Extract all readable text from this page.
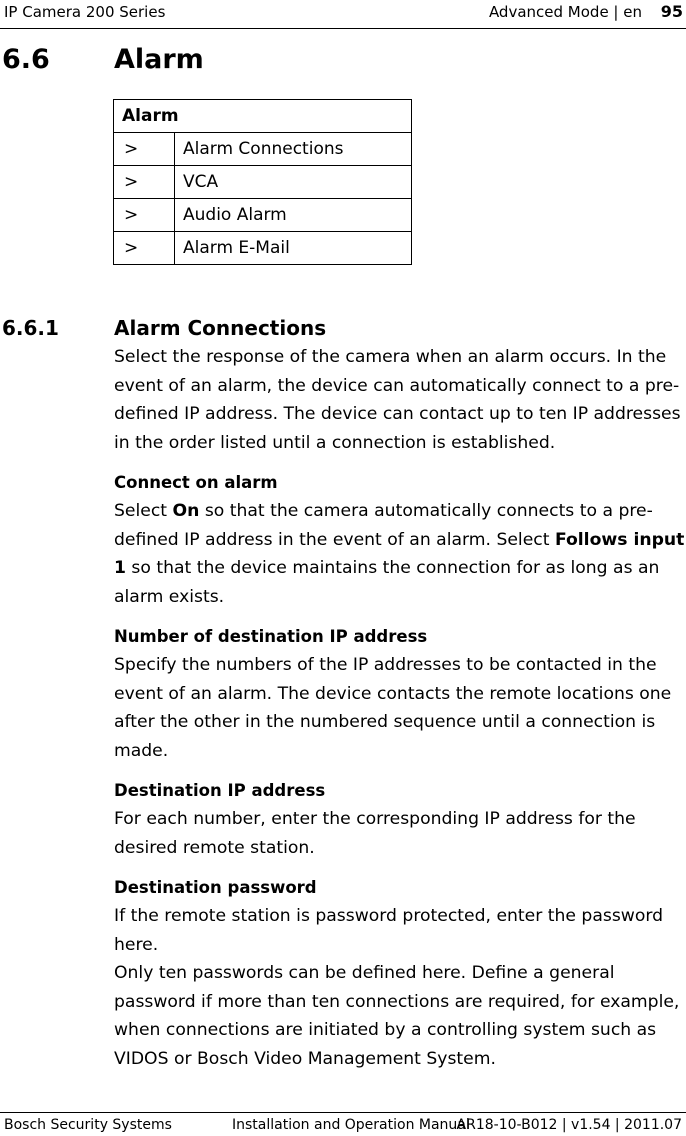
IP Camera 200 Series	Advanced Mode | en 95
6.6 Alarm
Alarm	
>	Alarm Connections
>	VCA
>	Audio Alarm
>	Alarm E-Mail
6.6.1	Alarm Connections

Select the response of the camera when an alarm occurs. In the event of an alarm, the device can automatically connect to a pre-defined IP address. The device can contact up to ten IP addresses in the order listed until a connection is established.

Connect on alarm

Select On so that the camera automatically connects to a pre-defined IP address in the event of an alarm. Select Follows input 1 so that the device maintains the connection for as long as an alarm exists.

Number of destination IP address

Specify the numbers of the IP addresses to be contacted in the event of an alarm. The device contacts the remote locations one after the other in the numbered sequence until a connection is made.

Destination IP address

For each number, enter the corresponding IP address for the desired remote station.

Destination password

If the remote station is password protected, enter the password here.

Only ten passwords can be defined here. Define a general password if more than ten connections are required, for example, when connections are initiated by a controlling system such as VIDOS or Bosch Video Management System.

Bosch Security Systems	Installation and Operation Manual
AR18-10-B012 | v1.54 | 2011.07
